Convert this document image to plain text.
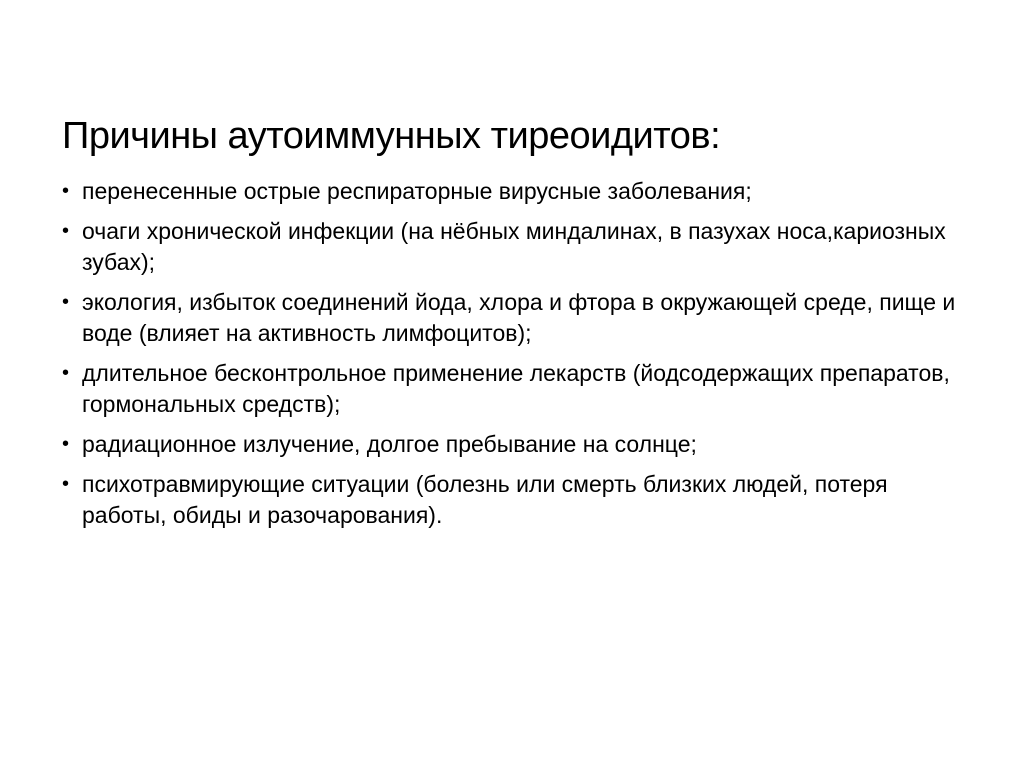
Причины аутоиммунных тиреоидитов:
• перенесенные острые респираторные вирусные заболевания;
• очаги хронической инфекции (на нёбных миндалинах, в пазухах носа,кариозных зубах);
• экология, избыток соединений йода, хлора и фтора в окружающей среде, пище и воде (влияет на активность лимфоцитов);
• длительное бесконтрольное применение лекарств (йодсодержащих препаратов, гормональных средств);
• радиационное излучение, долгое пребывание на солнце;
• психотравмирующие ситуации (болезнь или смерть близких людей, потеря работы, обиды и разочарования).
